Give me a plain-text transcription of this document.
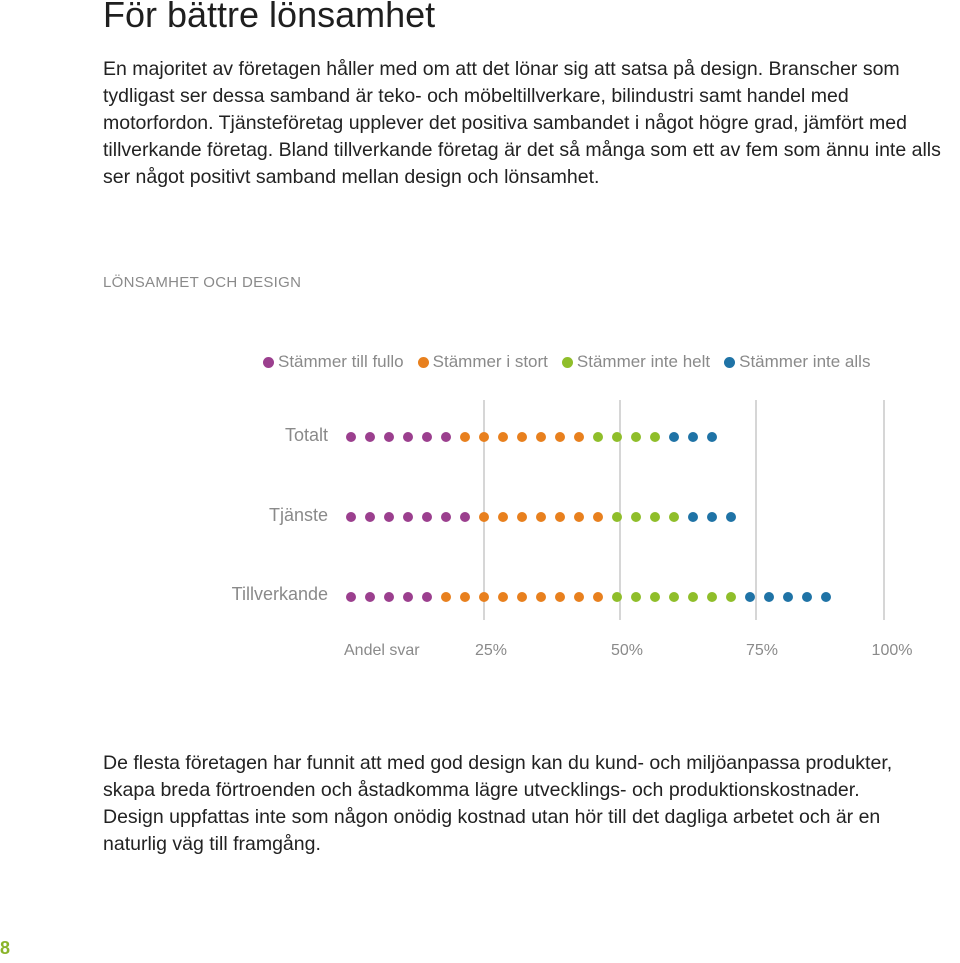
För bättre lönsamhet

En majoritet av företagen håller med om att det lönar sig att satsa på design. Branscher som tydligast ser dessa samband är teko- och möbeltillverkare, bilindustri samt handel med motorfordon. Tjänsteföretag upplever det positiva sambandet i något högre grad, jämfört med tillverkande företag. Bland tillverkande företag är det så många som ett av fem som ännu inte alls ser något positivt samband mellan design och lönsamhet.

LÖNSAMHET OCH DESIGN
Stämmer till fullo Stämmer i stort Stämmer inte helt Stämmer inte alls
Totalt
Tjänste
Tillverkande
Andel svar	25%	50%	75%	100%

De flesta företagen har funnit att med god design kan du kund- och miljöanpassa produkter, skapa breda förtroenden och åstadkomma lägre utvecklings- och produktionskostnader. Design uppfattas inte som någon onödig kostnad utan hör till det dagliga arbetet och är en naturlig väg till framgång.

8
